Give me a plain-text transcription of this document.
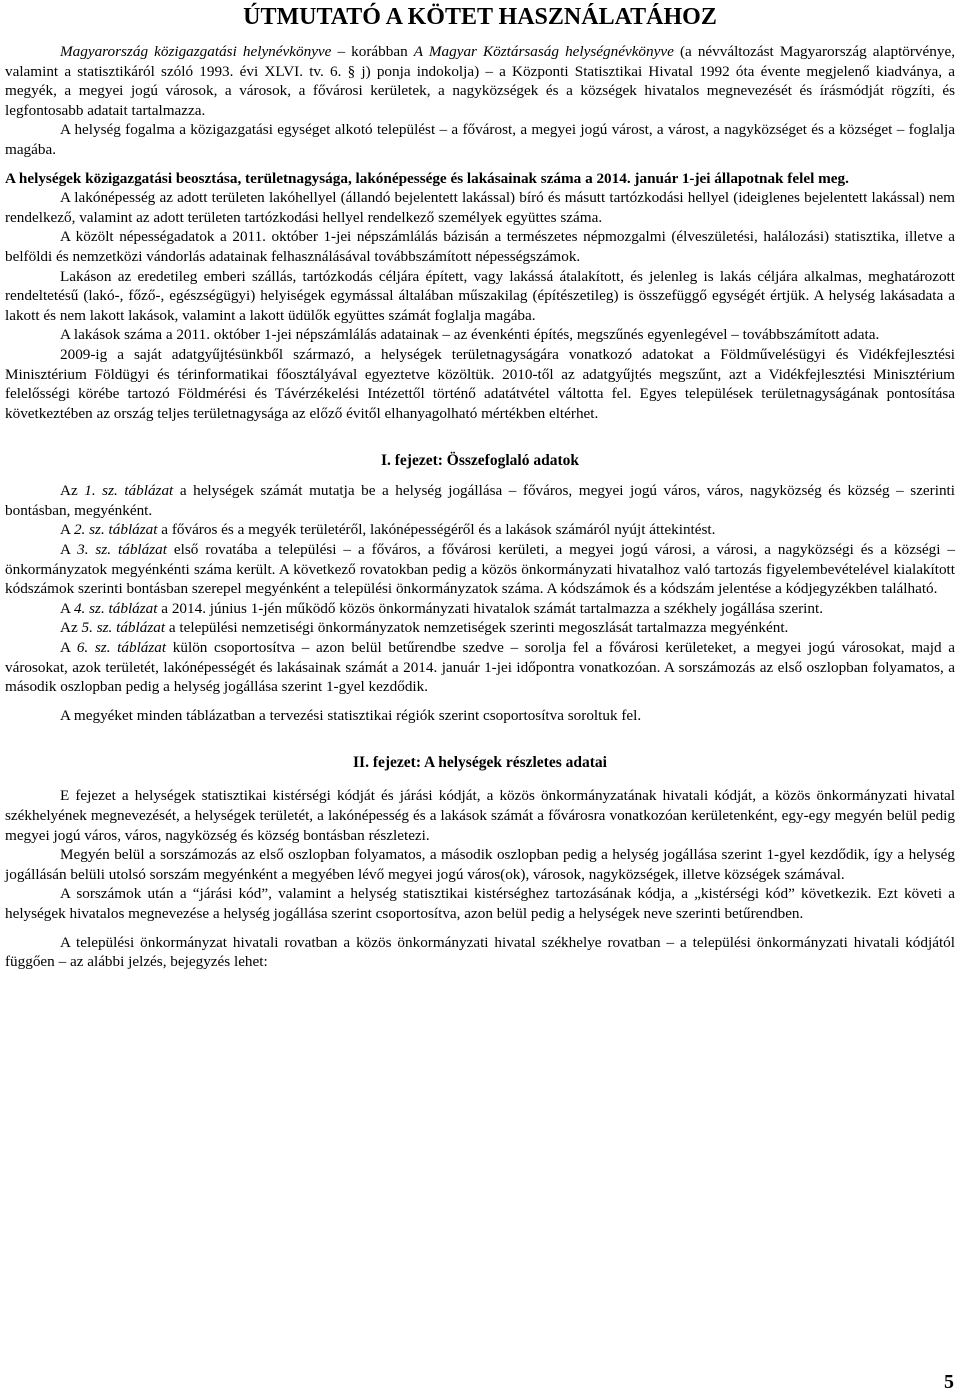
ÚTMUTATÓ A KÖTET HASZNÁLATÁHOZ

Magyarország közigazgatási helynévkönyve – korábban A Magyar Köztársaság helységnévkönyve (a névváltozást Magyarország alaptörvénye, valamint a statisztikáról szóló 1993. évi XLVI. tv. 6. § j) ponja indokolja) – a Központi Statisztikai Hivatal 1992 óta évente megjelenő kiadványa, a megyék, a megyei jogú városok, a városok, a fővárosi kerületek, a nagyközségek és a községek hivatalos megnevezését és írásmódját rögzíti, és legfontosabb adatait tartalmazza.

A helység fogalma a közigazgatási egységet alkotó települést – a fővárost, a megyei jogú várost, a várost, a nagyközséget és a községet – foglalja magába.

A helységek közigazgatási beosztása, területnagysága, lakónépessége és lakásainak száma a 2014. január 1-jei állapotnak felel meg.

A lakónépesség az adott területen lakóhellyel (állandó bejelentett lakással) bíró és másutt tartózkodási hellyel (ideiglenes bejelentett lakással) nem rendelkező, valamint az adott területen tartózkodási hellyel rendelkező személyek együttes száma.

A közölt népességadatok a 2011. október 1-jei népszámlálás bázisán a természetes népmozgalmi (élveszületési, halálozási) statisztika, illetve a belföldi és nemzetközi vándorlás adatainak felhasználásával továbbszámított népességszámok.

Lakáson az eredetileg emberi szállás, tartózkodás céljára épített, vagy lakássá átalakított, és jelenleg is lakás céljára alkalmas, meghatározott rendeltetésű (lakó-, főző-, egészségügyi) helyiségek egymással általában műszakilag (építészetileg) is összefüggő egységét értjük. A helység lakásadata a lakott és nem lakott lakások, valamint a lakott üdülők együttes számát foglalja magába.

A lakások száma a 2011. október 1-jei népszámlálás adatainak – az évenkénti építés, megszűnés egyenlegével – továbbszámított adata.

2009-ig a saját adatgyűjtésünkből származó, a helységek területnagyságára vonatkozó adatokat a Földművelésügyi és Vidékfejlesztési Minisztérium Földügyi és térinformatikai főosztályával egyeztetve közöltük. 2010-től az adatgyűjtés megszűnt, azt a Vidékfejlesztési Minisztérium felelősségi körébe tartozó Földmérési és Távérzékelési Intézettől történő adatátvétel váltotta fel. Egyes települések területnagyságának pontosítása következtében az ország teljes területnagysága az előző évitől elhanyagolható mértékben eltérhet.

I. fejezet: Összefoglaló adatok

Az 1. sz. táblázat a helységek számát mutatja be a helység jogállása – főváros, megyei jogú város, város, nagyközség és község – szerinti bontásban, megyénként.

A 2. sz. táblázat a főváros és a megyék területéről, lakónépességéről és a lakások számáról nyújt áttekintést.

A 3. sz. táblázat első rovatába a települési – a főváros, a fővárosi kerületi, a megyei jogú városi, a városi, a nagyközségi és a községi – önkormányzatok megyénkénti száma került. A következő rovatokban pedig a közös önkormányzati hivatalhoz való tartozás figyelembevételével kialakított kódszámok szerinti bontásban szerepel megyénként a települési önkormányzatok száma. A kódszámok és a kódszám jelentése a kódjegyzékben található.

A 4. sz. táblázat a 2014. június 1-jén működő közös önkormányzati hivatalok számát tartalmazza a székhely jogállása szerint.

Az 5. sz. táblázat a települési nemzetiségi önkormányzatok nemzetiségek szerinti megoszlását tartalmazza megyénként.

A 6. sz. táblázat külön csoportosítva – azon belül betűrendbe szedve – sorolja fel a fővárosi kerületeket, a megyei jogú városokat, majd a városokat, azok területét, lakónépességét és lakásainak számát a 2014. január 1-jei időpontra vonatkozóan. A sorszámozás az első oszlopban folyamatos, a második oszlopban pedig a helység jogállása szerint 1-gyel kezdődik.

A megyéket minden táblázatban a tervezési statisztikai régiók szerint csoportosítva soroltuk fel.

II. fejezet: A helységek részletes adatai

E fejezet a helységek statisztikai kistérségi kódját és járási kódját, a közös önkormányzatának hivatali kódját, a közös önkormányzati hivatal székhelyének megnevezését, a helységek területét, a lakónépesség és a lakások számát a fővárosra vonatkozóan kerületenként, egy-egy megyén belül pedig megyei jogú város, város, nagyközség és község bontásban részletezi.

Megyén belül a sorszámozás az első oszlopban folyamatos, a második oszlopban pedig a helység jogállása szerint 1-gyel kezdődik, így a helység jogállásán belüli utolsó sorszám megyénként a megyében lévő megyei jogú város(ok), városok, nagyközségek, illetve községek számával.

A sorszámok után a “járási kód”, valamint a helység statisztikai kistérséghez tartozásának kódja, a „kistérségi kód” következik. Ezt követi a helységek hivatalos megnevezése a helység jogállása szerint csoportosítva, azon belül pedig a helységek neve szerinti betűrendben.

A települési önkormányzat hivatali rovatban a közös önkormányzati hivatal székhelye rovatban – a települési önkormányzati hivatali kódjától függően – az alábbi jelzés, bejegyzés lehet:

5
